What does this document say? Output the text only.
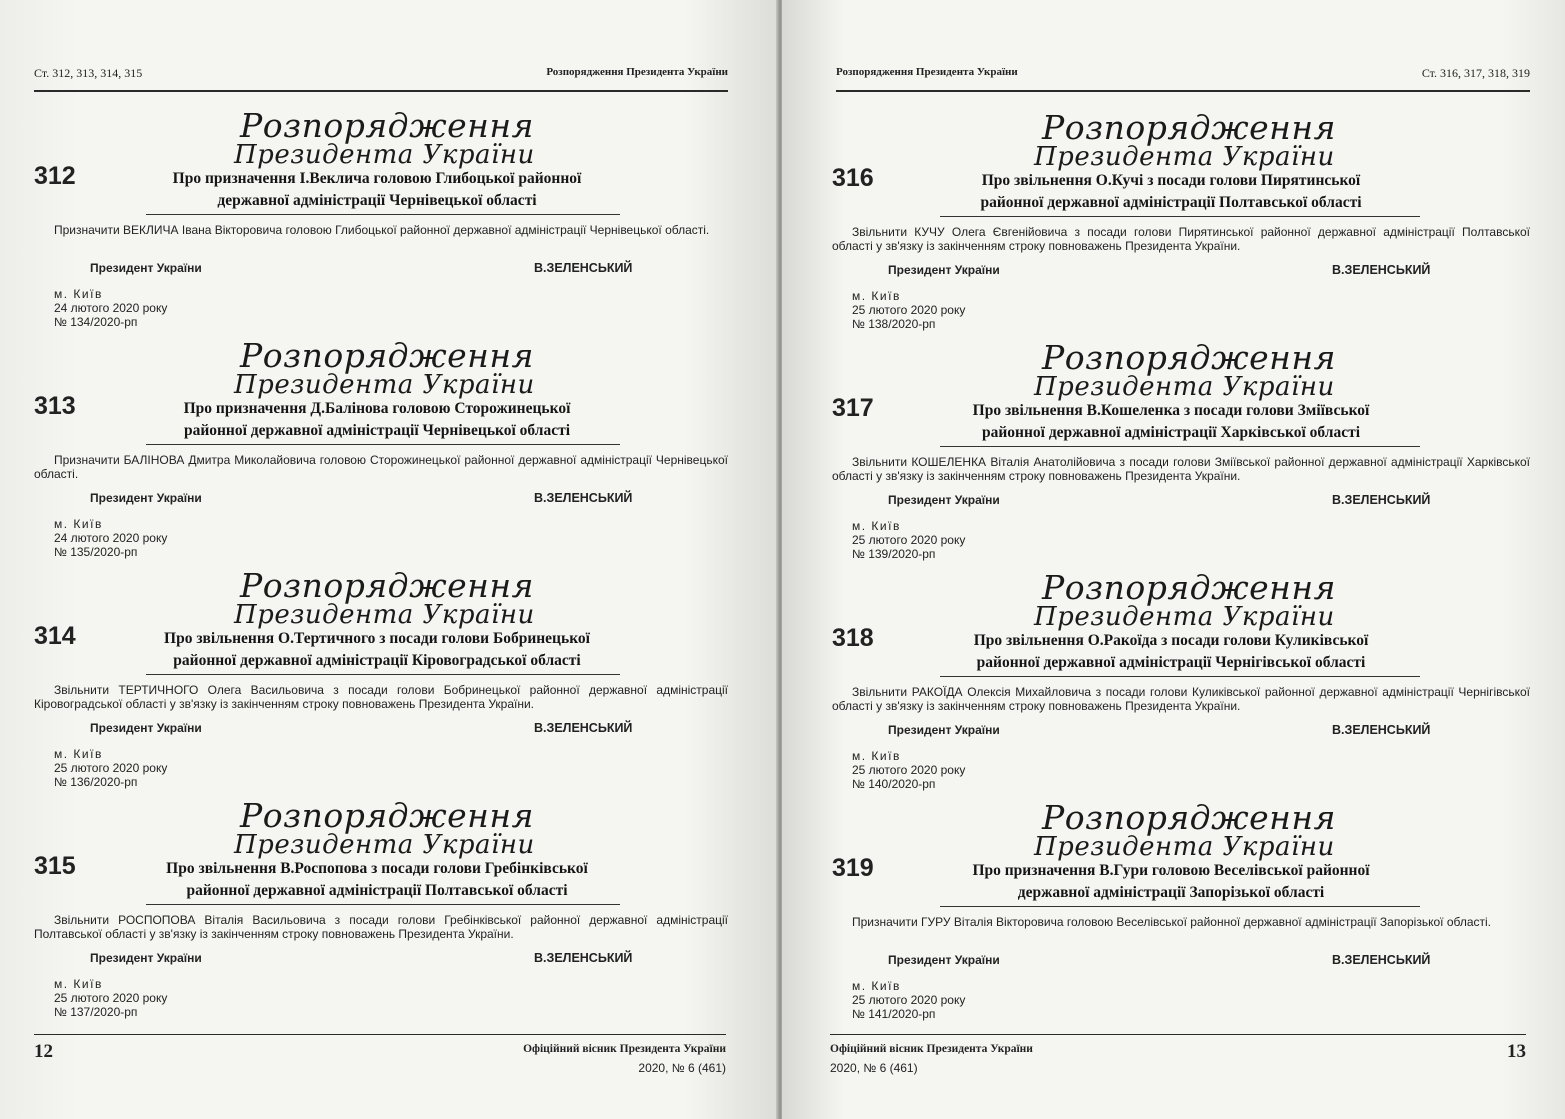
Ст. 312, 313, 314, 315	Розпорядження Президента України
Розпорядження
Президента України
312	Про призначення І.Веклича головою Глибоцької районної
державної адміністрації Чернівецької області

Призначити ВЕКЛИЧА Івана Вікторовича головою Глибоцької районної державної адміністрації Чернівецької області.

Президент України	В.ЗЕЛЕНСЬКИЙ
м. Київ
24 лютого 2020 року
№ 134/2020-рп
Розпорядження
Президента України
313	Про призначення Д.Балінова головою Сторожинецької
районної державної адміністрації Чернівецької області

Призначити БАЛІНОВА Дмитра Миколайовича головою Сторожинецької районної державної адміністрації Чернівецької області.

Президент України	В.ЗЕЛЕНСЬКИЙ
м. Київ
24 лютого 2020 року
№ 135/2020-рп
Розпорядження
Президента України
314	Про звільнення О.Тертичного з посади голови Бобринецької
районної державної адміністрації Кіровоградської області

Звільнити ТЕРТИЧНОГО Олега Васильовича з посади голови Бобринецької районної державної адміністрації Кіровоградської області у зв'язку із закінченням строку повноважень Президента України.

Президент України	В.ЗЕЛЕНСЬКИЙ
м. Київ
25 лютого 2020 року
№ 136/2020-рп
Розпорядження
Президента України
315	Про звільнення В.Роспопова з посади голови Гребінківської
районної державної адміністрації Полтавської області

Звільнити РОСПОПОВА Віталія Васильовича з посади голови Гребінківської районної державної адміністрації Полтавської області у зв'язку із закінченням строку повноважень Президента України.

Президент України	В.ЗЕЛЕНСЬКИЙ
м. Київ
25 лютого 2020 року
№ 137/2020-рп
12	Офіційний вісник Президента України
2020, № 6 (461)
Розпорядження Президента України	Ст. 316, 317, 318, 319
Розпорядження
Президента України
316	Про звільнення О.Кучі з посади голови Пирятинської
районної державної адміністрації Полтавської області

Звільнити КУЧУ Олега Євгенійовича з посади голови Пирятинської районної державної адміністрації Полтавської області у зв'язку із закінченням строку повноважень Президента України.

Президент України	В.ЗЕЛЕНСЬКИЙ
м. Київ
25 лютого 2020 року
№ 138/2020-рп
Розпорядження
Президента України
317	Про звільнення В.Кошеленка з посади голови Зміївської
районної державної адміністрації Харківської області

Звільнити КОШЕЛЕНКА Віталія Анатолійовича з посади голови Зміївської районної державної адміністрації Харківської області у зв'язку із закінченням строку повноважень Президента України.

Президент України	В.ЗЕЛЕНСЬКИЙ
м. Київ
25 лютого 2020 року
№ 139/2020-рп
Розпорядження
Президента України
318	Про звільнення О.Ракоїда з посади голови Куликівської
районної державної адміністрації Чернігівської області

Звільнити РАКОЇДА Олексія Михайловича з посади голови Куликівської районної державної адміністрації Чернігівської області у зв'язку із закінченням строку повноважень Президента України.

Президент України	В.ЗЕЛЕНСЬКИЙ
м. Київ
25 лютого 2020 року
№ 140/2020-рп
Розпорядження
Президента України
319	Про призначення В.Гури головою Веселівської районної
державної адміністрації Запорізької області

Призначити ГУРУ Віталія Вікторовича головою Веселівської районної державної адміністрації Запорізької області.

Президент України	В.ЗЕЛЕНСЬКИЙ
м. Київ
25 лютого 2020 року
№ 141/2020-рп
Офіційний вісник Президента України
2020, № 6 (461)
13
